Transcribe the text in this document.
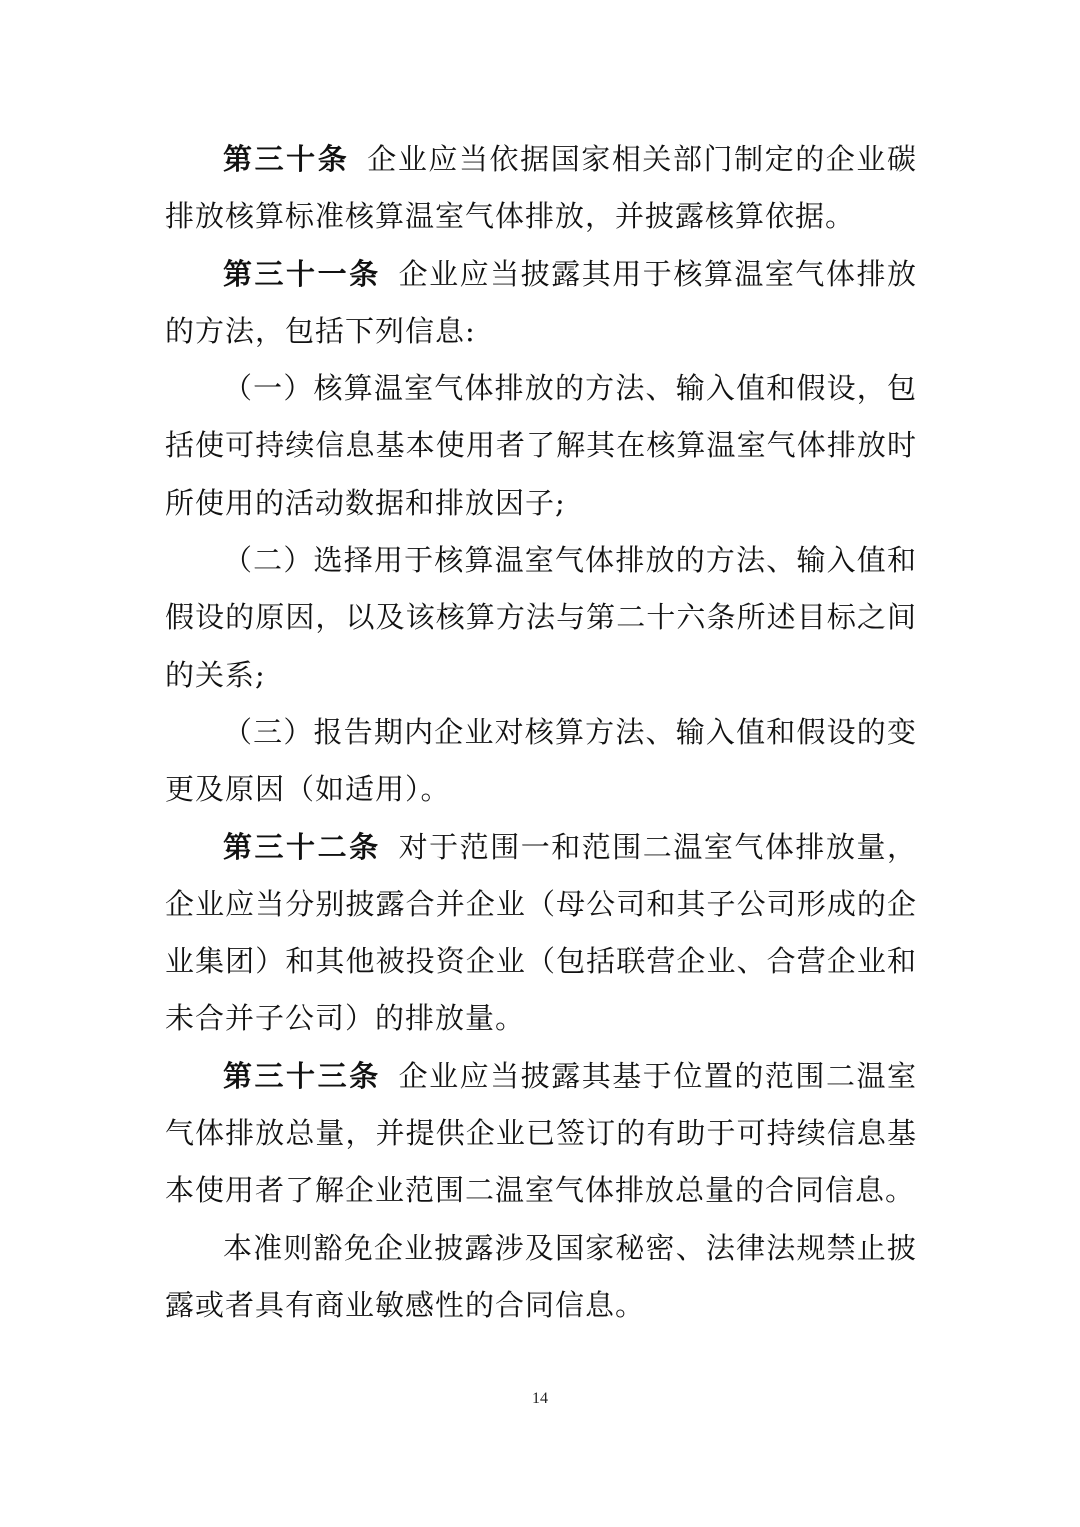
第三十条 企业应当依据国家相关部门制定的企业碳排放核算标准核算温室气体排放，并披露核算依据。

第三十一条 企业应当披露其用于核算温室气体排放的方法，包括下列信息:

（一）核算温室气体排放的方法、输入值和假设，包括使可持续信息基本使用者了解其在核算温室气体排放时所使用的活动数据和排放因子;

（二）选择用于核算温室气体排放的方法、输入值和假设的原因，以及该核算方法与第二十六条所述目标之间的关系;

（三）报告期内企业对核算方法、输入值和假设的变更及原因（如适用）。

第三十二条 对于范围一和范围二温室气体排放量，企业应当分别披露合并企业（母公司和其子公司形成的企业集团）和其他被投资企业（包括联营企业、合营企业和未合并子公司）的排放量。

第三十三条 企业应当披露其基于位置的范围二温室气体排放总量，并提供企业已签订的有助于可持续信息基本使用者了解企业范围二温室气体排放总量的合同信息。

本准则豁免企业披露涉及国家秘密、法律法规禁止披露或者具有商业敏感性的合同信息。

14
